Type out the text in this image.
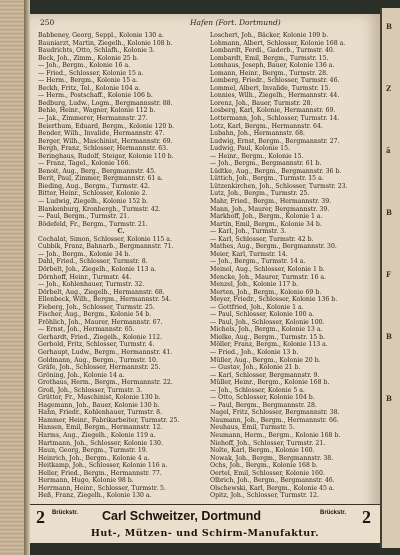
250	Hafen (Fort. Dortmund)
Babbeney, Georg, Seppl., Kolonie 130 a.
Bauniarzt, Martin, Ziegelh., Kolonie 108 b.
Baudrichts, Otto, Schlafh., Kolonie 3.
Beck, Joh., Zimm., Kolonie 25 b.
— Joh., Bergm., Kolonie 16 a.
— Fried., Schlosser, Kolonie 15 a.
— Herm., Bergm., Kolonie 15 a.
Beckh, Fritz, Tel., Kolonie 104 a.
— Herm., Postschaff., Kolonie 106 b.
Bedburg, Ludw., Logm., Bergmannsstr. 88.
Behle, Heinr., Wagner, Kolonie 112 b.
— Jak., Zimmerer, Hermannstr. 27.
Beierthum, Eduard, Bergm., Kolonie 120 b.
Bender, Wilh., Invalide, Hermannstr. 47.
Berger, Wilh., Maschinist, Hermannstr. 69.
Bergh, Franz, Schlosser, Hermannstr. 63.
Beringhaus, Rudolf, Steiger, Kolonie 110 b.
— Franz, Tagel., Kolonie 166.
Benoit, Aug., Berg., Bergmannstr. 45.
Berit, Paul, Zimmer, Bergmannstr. 61 a.
Bieding, Aug., Bergm., Turmstr. 42.
Bitter, Heinr., Schlosser, Kolonie 2.
— Ludwig, Ziegelh., Kolonie 152 b.
Blankenburg, Kronbergh., Turmstr. 42.
— Paul, Bergm., Turmstr. 21.
Bödefeld, Fr., Bergm., Turmstr. 21.
C.
Cochalat, Simon, Schlosser, Kolonie 115 a.
Cubbik, Franz, Bahnarb., Bergmannstr. 71.
— Joh., Bergm., Kolonie 34 b.
Dahl, Fried., Schlosser, Turmstr. 8.
Dörbelt, Joh., Ziegelh., Kolonie 113 a.
Dörnhoff, Heinr., Turmstr. 44.
— Joh., Kohlenhauer, Turmstr. 32.
Dörbelt, Aug., Ziegelh., Hermannstr. 68.
Ellenbeck, Wilh., Bergm., Hermannstr. 54.
Fieberg, Joh., Schlosser, Turmstr. 25.
Fischer, Aug., Bergm., Kolonie 54 b.
Fröhlich, Joh., Maurer, Hermannstr. 67.
— Ernst, Joh., Hermannstr. 65.
Gerhardt, Fried., Ziegelh., Kolonie 112.
Gerbold, Fritz, Schlosser, Turmstr. 4.
Gerhaupt, Ludw., Bergm., Hermannstr. 41.
Goldmann, Aug., Bergm., Turmstr. 10.
Gräfe, Joh., Schlosser, Hermannstr. 25.
Gröning, Joh., Kolonie 14 a.
Grothaus, Herm., Bergm., Hermannstr. 22.
Groß, Joh., Schlosser, Turmstr. 3.
Grütter, Fr., Maschinist, Kolonie 130 b.
Hagemann, Joh., Bauer, Kolonie 130 b.
Hahn, Friedr., Kohlenhauer, Turmstr. 8.
Hammer, Heinr., Fabrikarbeiter, Turmstr. 25.
Hansen, Emil, Bergm., Hermannstr. 12.
Harms, Aug., Ziegelh., Kolonie 119 a.
Hartmann, Joh., Schlosser, Kolonie 130.
Haun, Georg, Bergm., Turmstr. 19.
Heinrich, Joh., Bergm., Kolonie 4 a.
Heitkamp, Joh., Schlosser, Kolonie 116 a.
Heller, Fried., Bergm., Hermannstr. 77.
Hermann, Hugo, Kolonie 98 b.
Herrmann, Heinr., Schlosser, Turmstr. 5.
Heß, Franz, Ziegelh., Kolonie 130 a.
Loschert, Joh., Bäcker, Kolonie 109 b.
Lohmann, Albert, Schlosser, Kolonie 168 a.
Lombardt, Ferdi., Gaderb., Turmstr. 40.
Lombardt, Emil, Bergm., Turmstr. 15.
Lomhaus, Joseph, Bauer, Kolonie 136 a.
Lomann, Heinr., Bergm., Turmstr. 28.
Lomberg, Friedr., Schlosser, Turmstr. 46.
Lommel, Albert, Invalide, Turmstr. 15.
Lonnies, Wilh., Ziegelh., Hermannstr. 44.
Lorenz, Joh., Bauer, Turmstr. 28.
Losberg, Karl, Kolonie, Hermannstr. 69.
Lottermann, Joh., Schlosser, Turmstr. 14.
Lotz, Karl, Bergm., Hermannstr. 64.
Lubahn, Joh., Hermannstr. 68.
Ludwig, Ernst, Bergm., Bergmannstr. 27.
Ludwig, Paul, Kolonie 15.
— Heinr., Bergm., Kolonie 15.
— Joh., Bergm., Bergmannstr. 61 b.
Lüdtke, Aug., Bergm., Bergmannstr. 36 b.
Lüttich, Joh., Bergm., Turmstr. 15 a.
Lützenkirchen, Joh., Schlosser, Turmstr. 23.
Lutz, Joh., Bergm., Turmstr. 25.
Mahr, Fried., Bergm., Hermannstr. 39.
Mann, Joh., Maurer, Bergmannstr. 39.
Markhoff, Joh., Bergm., Kolonie 1 a.
Martin, Emil, Bergm., Kolonie 34 b.
— Karl, Joh., Turmstr. 3.
— Karl, Schlosser, Turmstr. 42 b.
Mathes, Aug., Bergm., Bergmannstr. 30.
Meier, Karl, Turmstr. 14.
— Joh., Bergm., Turmstr. 14 a.
Meinel, Aug., Schlosser, Kolonie 1 b.
Mencke, Joh., Maurer, Turmstr. 16 a.
Menzel, Joh., Kolonie 117 b.
Merten, Joh., Bergm., Kolonie 69 b.
Meyer, Friedr., Schlosser, Kolonie 136 b.
— Gottfried, Joh., Kolonie 1 a.
— Paul, Schlosser, Kolonie 100 a.
— Paul, Joh., Schlosser, Kolonie 100.
Michels, Joh., Bergm., Kolonie 13 a.
Mielke, Aug., Bergm., Turmstr. 15 b.
Möller, Franz, Bergm., Kolonie 113 a.
— Fried., Joh., Kolonie 13 b.
Müller, Aug., Bergm., Kolonie 20 b.
— Gustav, Joh., Kolonie 21 b.
— Karl, Schlosser, Bergmannstr. 9.
Müller, Heinr., Bergm., Kolonie 168 b.
— Joh., Schlosser, Kolonie 5 a.
— Otto, Schlosser, Kolonie 104 b.
— Paul, Bergm., Bergmannstr. 28.
Nagel, Fritz, Schlosser, Bergmannstr. 38.
Naumann, Joh., Bergm., Hermannstr. 66.
Neuhaus, Emil, Turmstr. 5.
Neumann, Herm., Bergm., Kolonie 168 b.
Niehoff, Joh., Schlosser, Turmstr. 21.
Nolte, Karl, Bergm., Kolonie 160.
Nowak, Joh., Bergm., Bergmannstr. 38.
Ochs, Joh., Bergm., Kolonie 168 b.
Oertel, Emil, Schlosser, Kolonie 160.
Olbrich, Joh., Bergm., Bergmannstr. 46.
Olschewski, Karl, Bergm., Kolonie 45 a.
Opitz, Joh., Schlosser, Turmstr. 12.
2 Brückstr. Carl Schweitzer, Dortmund	Brückstr. 2
Hut-, Mützen- und Schirm-Manufaktur.
B
Z
ä
B
F
B
B
